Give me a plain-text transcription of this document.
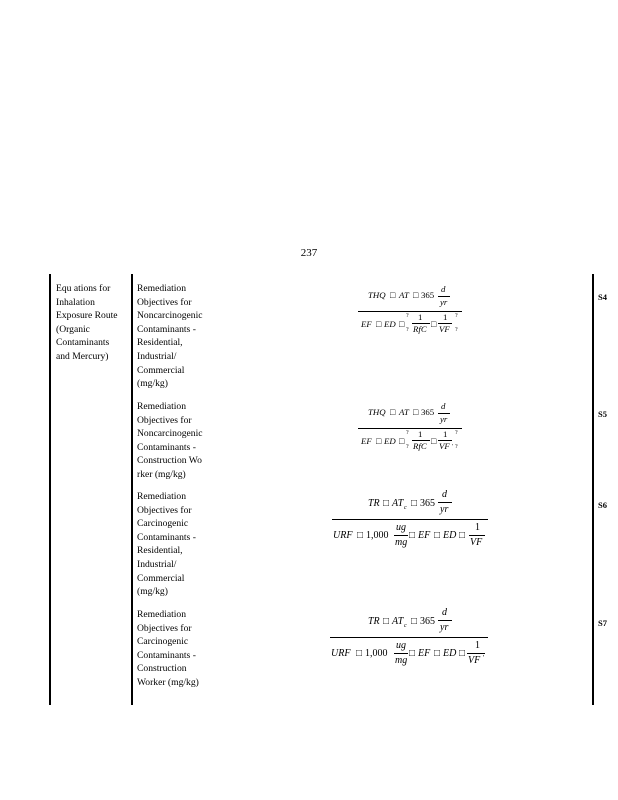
237
Equ ations for Inhalation Exposure Route (Organic Contaminants and Mercury)
Remediation Objectives for Noncarcinogenic Contaminants - Residential, Industrial/ Commercial (mg/kg)
Remediation Objectives for Noncarcinogenic Contaminants - Construction Wo rker (mg/kg)
Remediation Objectives for Carcinogenic Contaminants - Residential, Industrial/ Commercial (mg/kg)
Remediation Objectives for Carcinogenic Contaminants - Construction Worker (mg/kg)
S4
S5
S6
S7
THQ □ AT □ 365
d
yr
EF □ ED □
?
?
1
RfC □
1
VF
?
?
THQ □ AT □ 365
d
yr
EF □ ED □
?
?
1
RfC □
1
VF
?
' ?
TR □ AT c □ 365
d
yr
URF □ 1,000
ug
mg
□ EF □ ED □
1
VF
TR □ AT c □ 365
d
yr
URF □ 1,000
ug
mg
□ EF □ ED □
1
VF '
